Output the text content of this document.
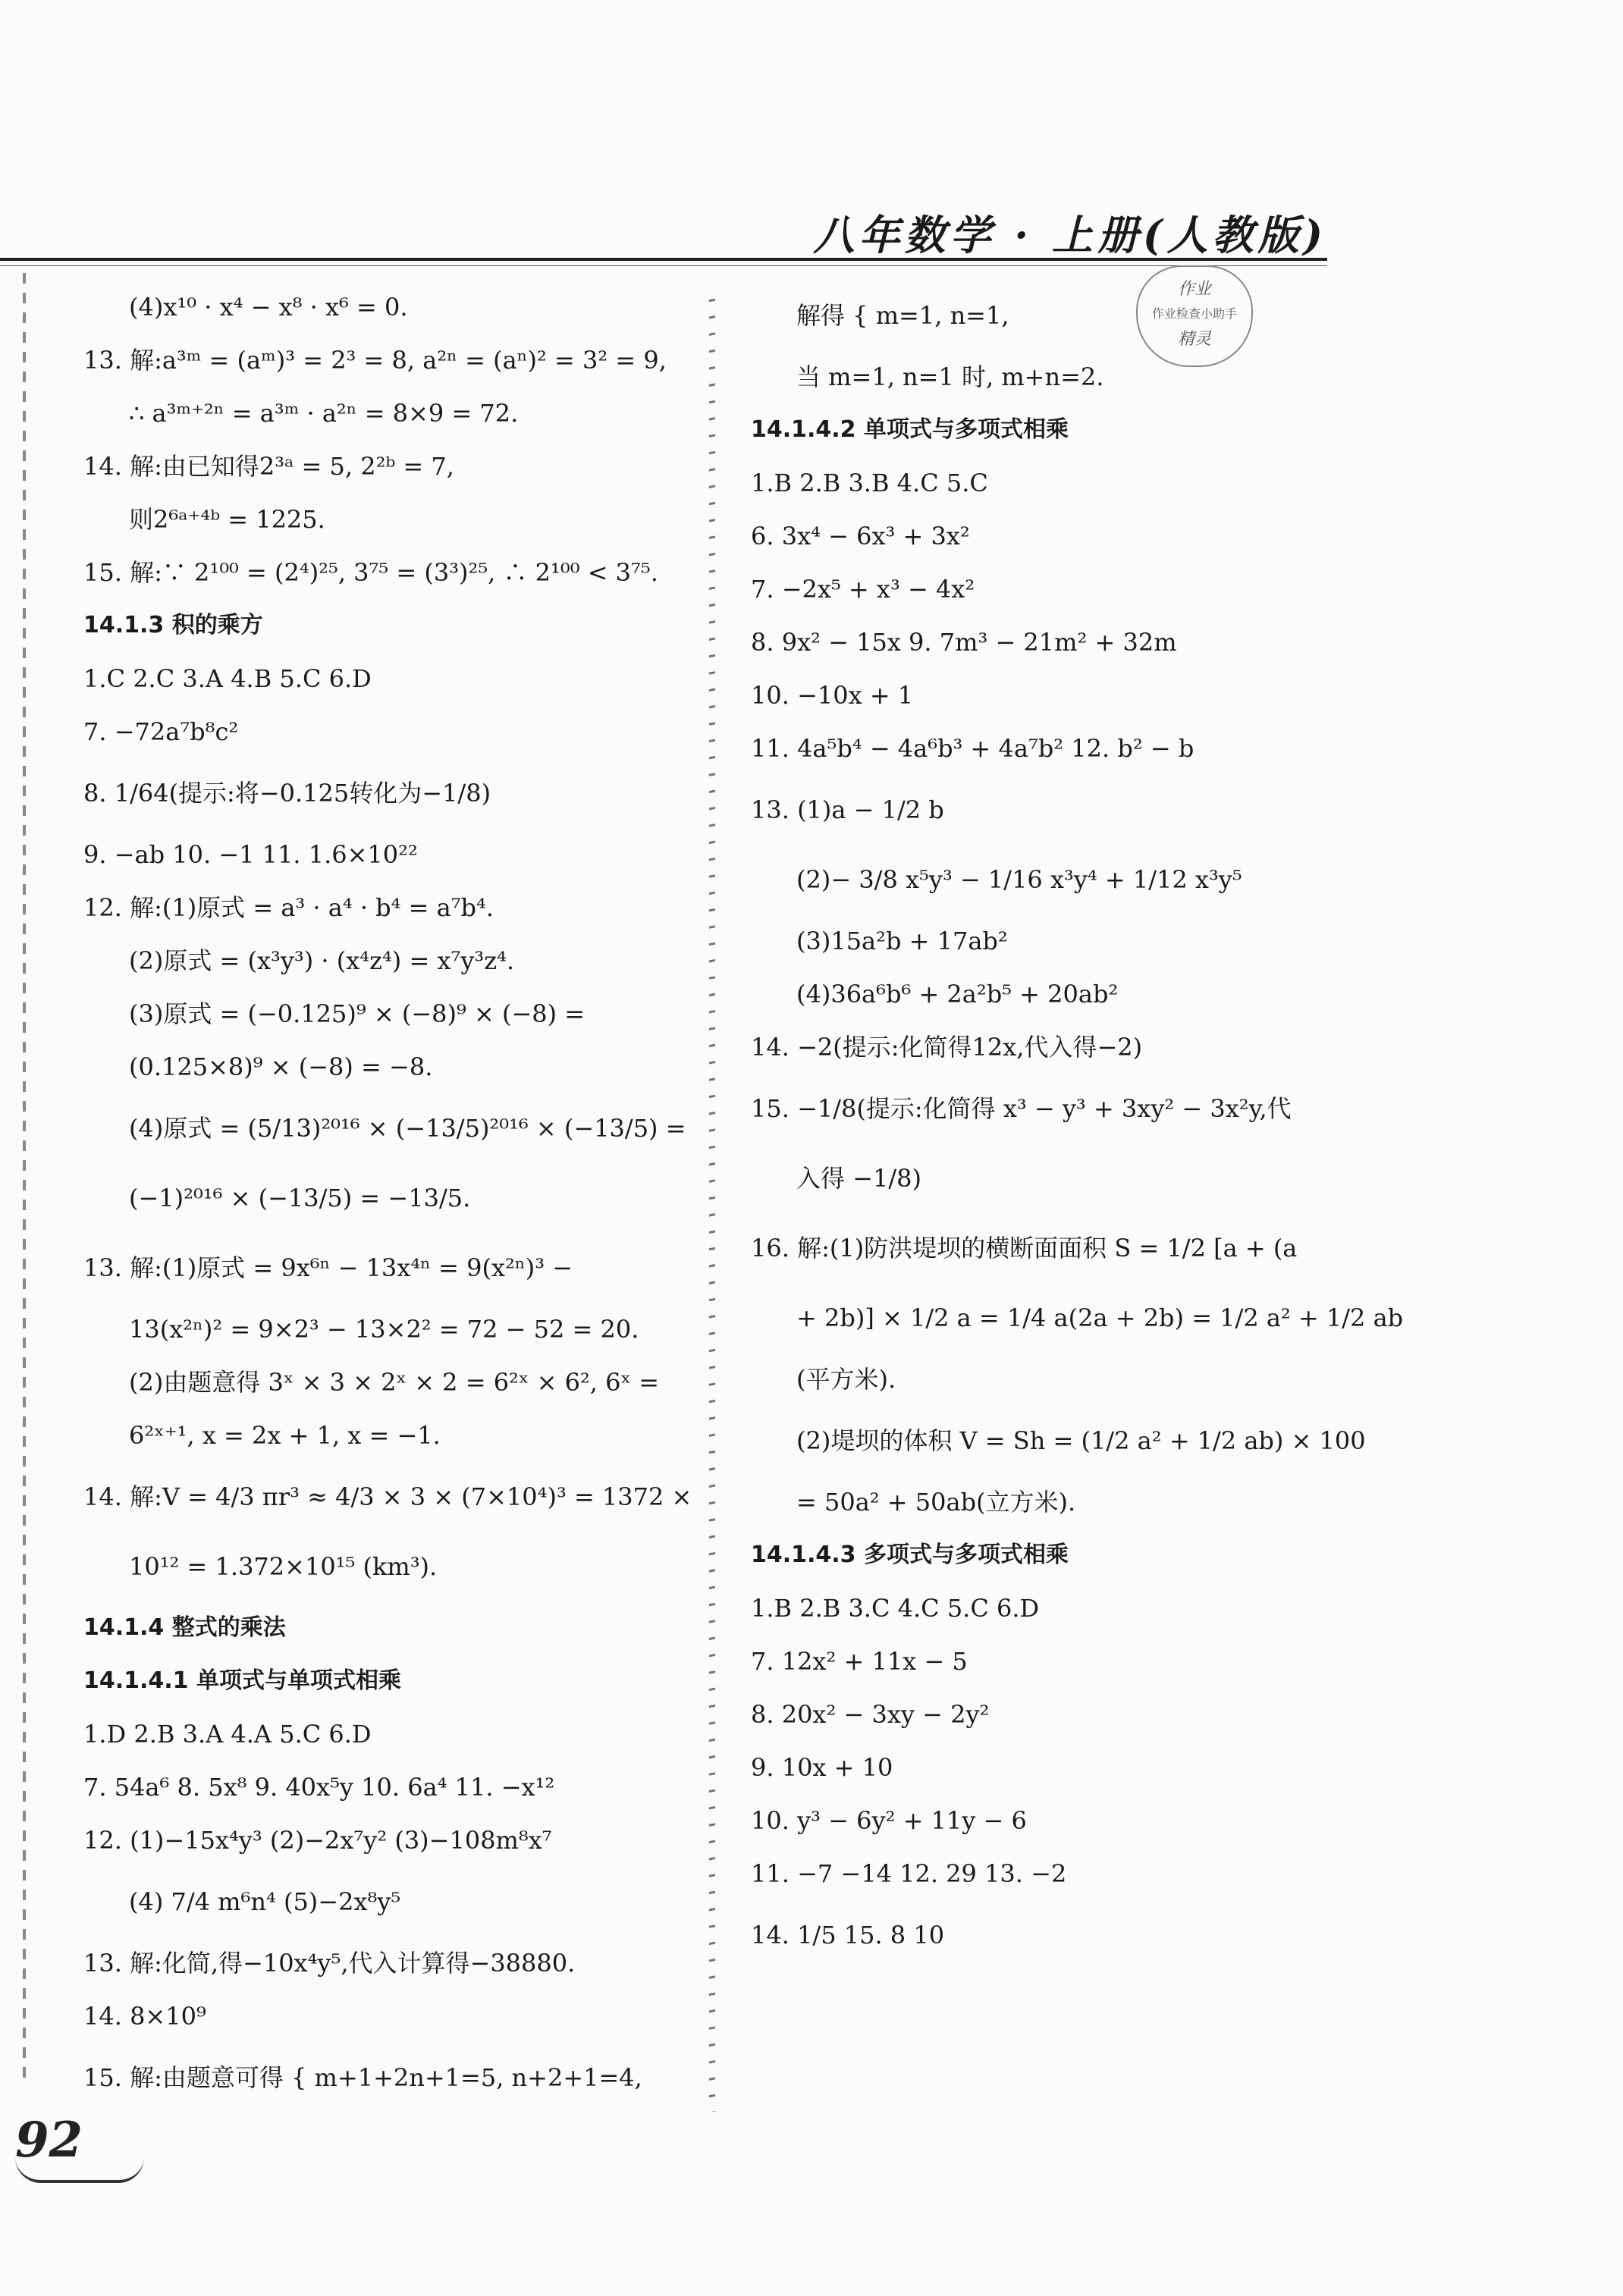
八年数学 · 上册(人教版)
作业
作业检查小助手
精灵
(4)x¹⁰ · x⁴ − x⁸ · x⁶ = 0.
13. 解:a³ᵐ = (aᵐ)³ = 2³ = 8, a²ⁿ = (aⁿ)² = 3² = 9,
∴ a³ᵐ⁺²ⁿ = a³ᵐ · a²ⁿ = 8×9 = 72.
14. 解:由已知得2³ᵃ = 5, 2²ᵇ = 7,
则2⁶ᵃ⁺⁴ᵇ = 1225.
15. 解:∵ 2¹⁰⁰ = (2⁴)²⁵, 3⁷⁵ = (3³)²⁵, ∴ 2¹⁰⁰ < 3⁷⁵.
14.1.3 积的乘方
1.C 2.C 3.A 4.B 5.C 6.D
7. −72a⁷b⁸c²
8. 1/64(提示:将−0.125转化为−1/8)
9. −ab 10. −1 11. 1.6×10²²
12. 解:(1)原式 = a³ · a⁴ · b⁴ = a⁷b⁴.
(2)原式 = (x³y³) · (x⁴z⁴) = x⁷y³z⁴.
(3)原式 = (−0.125)⁹ × (−8)⁹ × (−8) =
(0.125×8)⁹ × (−8) = −8.
(4)原式 = (5/13)²⁰¹⁶ × (−13/5)²⁰¹⁶ × (−13/5) =
(−1)²⁰¹⁶ × (−13/5) = −13/5.
13. 解:(1)原式 = 9x⁶ⁿ − 13x⁴ⁿ = 9(x²ⁿ)³ −
13(x²ⁿ)² = 9×2³ − 13×2² = 72 − 52 = 20.
(2)由题意得 3ˣ × 3 × 2ˣ × 2 = 6²ˣ × 6², 6ˣ =
6²ˣ⁺¹, x = 2x + 1, x = −1.
14. 解:V = 4/3 πr³ ≈ 4/3 × 3 × (7×10⁴)³ = 1372 ×
10¹² = 1.372×10¹⁵ (km³).
14.1.4 整式的乘法
14.1.4.1 单项式与单项式相乘
1.D 2.B 3.A 4.A 5.C 6.D
7. 54a⁶ 8. 5x⁸ 9. 40x⁵y 10. 6a⁴ 11. −x¹²
12. (1)−15x⁴y³ (2)−2x⁷y² (3)−108m⁸x⁷
(4) 7/4 m⁶n⁴ (5)−2x⁸y⁵
13. 解:化简,得−10x⁴y⁵,代入计算得−38880.
14. 8×10⁹
15. 解:由题意可得 { m+1+2n+1=5, n+2+1=4,
解得 { m=1, n=1,
当 m=1, n=1 时, m+n=2.
14.1.4.2 单项式与多项式相乘
1.B 2.B 3.B 4.C 5.C
6. 3x⁴ − 6x³ + 3x²
7. −2x⁵ + x³ − 4x²
8. 9x² − 15x 9. 7m³ − 21m² + 32m
10. −10x + 1
11. 4a⁵b⁴ − 4a⁶b³ + 4a⁷b² 12. b² − b
13. (1)a − 1/2 b
(2)− 3/8 x⁵y³ − 1/16 x³y⁴ + 1/12 x³y⁵
(3)15a²b + 17ab²
(4)36a⁶b⁶ + 2a²b⁵ + 20ab²
14. −2(提示:化简得12x,代入得−2)
15. −1/8(提示:化简得 x³ − y³ + 3xy² − 3x²y,代
入得 −1/8)
16. 解:(1)防洪堤坝的横断面面积 S = 1/2 [a + (a
+ 2b)] × 1/2 a = 1/4 a(2a + 2b) = 1/2 a² + 1/2 ab
(平方米).
(2)堤坝的体积 V = Sh = (1/2 a² + 1/2 ab) × 100
= 50a² + 50ab(立方米).
14.1.4.3 多项式与多项式相乘
1.B 2.B 3.C 4.C 5.C 6.D
7. 12x² + 11x − 5
8. 20x² − 3xy − 2y²
9. 10x + 10
10. y³ − 6y² + 11y − 6
11. −7 −14 12. 29 13. −2
14. 1/5 15. 8 10
92
